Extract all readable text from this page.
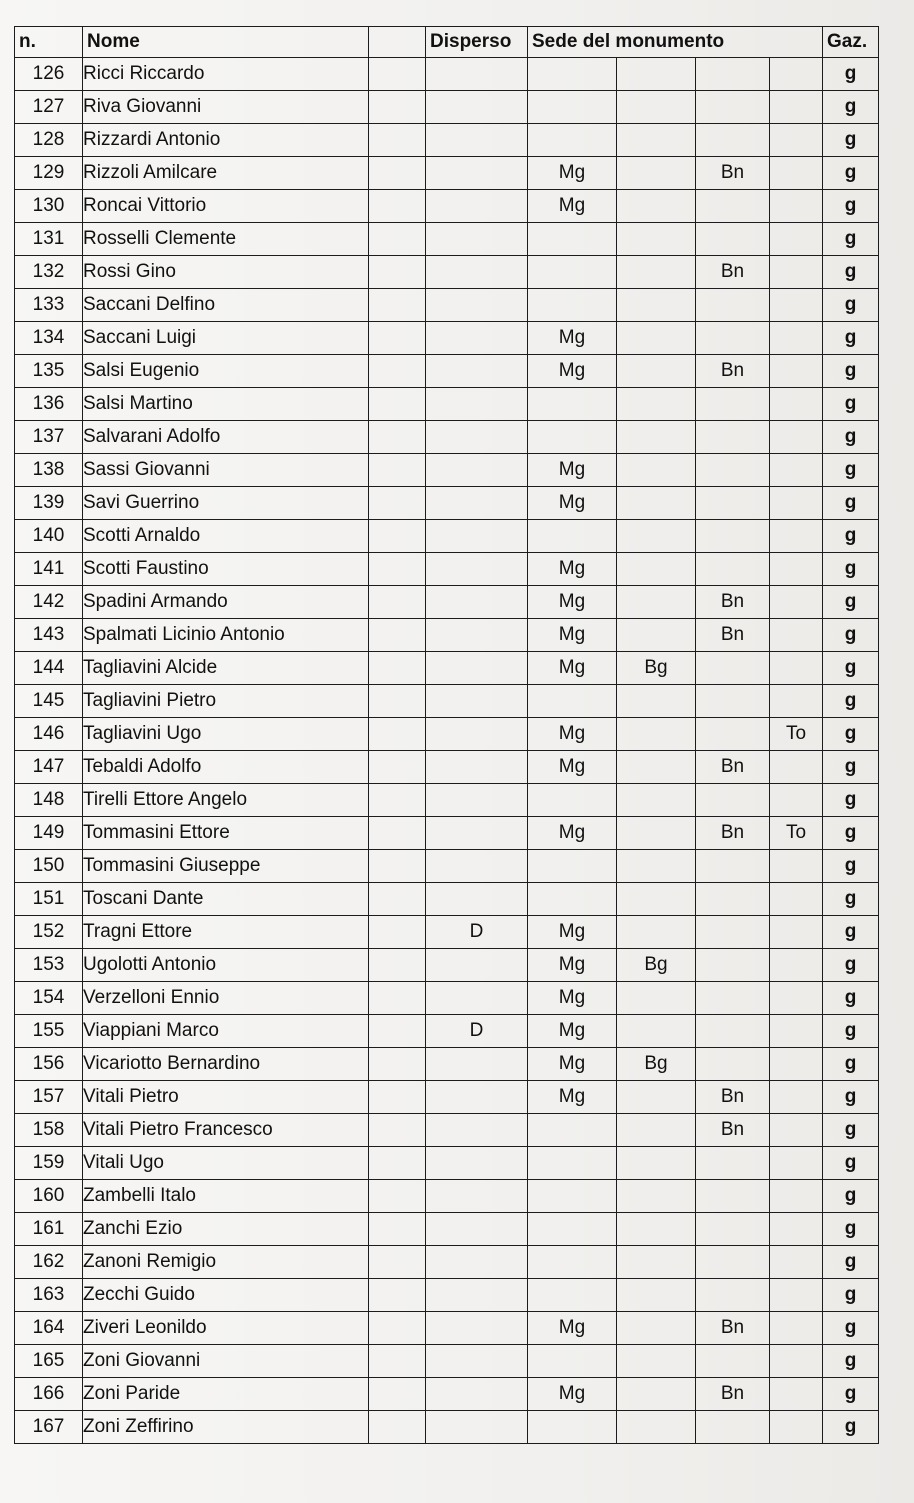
n.	Nome		Disperso	Sede del monumento				Gaz.
126	Ricci Riccardo							g
127	Riva Giovanni							g
128	Rizzardi Antonio							g
129	Rizzoli Amilcare			Mg		Bn		g
130	Roncai Vittorio			Mg				g
131	Rosselli Clemente							g
132	Rossi Gino					Bn		g
133	Saccani Delfino							g
134	Saccani Luigi			Mg				g
135	Salsi Eugenio			Mg		Bn		g
136	Salsi Martino							g
137	Salvarani Adolfo							g
138	Sassi Giovanni			Mg				g
139	Savi Guerrino			Mg				g
140	Scotti Arnaldo							g
141	Scotti Faustino			Mg				g
142	Spadini Armando			Mg		Bn		g
143	Spalmati Licinio Antonio			Mg		Bn		g
144	Tagliavini Alcide			Mg	Bg			g
145	Tagliavini Pietro							g
146	Tagliavini Ugo			Mg			To	g
147	Tebaldi Adolfo			Mg		Bn		g
148	Tirelli Ettore Angelo							g
149	Tommasini Ettore			Mg		Bn	To	g
150	Tommasini Giuseppe							g
151	Toscani Dante							g
152	Tragni Ettore		D	Mg				g
153	Ugolotti Antonio			Mg	Bg			g
154	Verzelloni Ennio			Mg				g
155	Viappiani Marco		D	Mg				g
156	Vicariotto Bernardino			Mg	Bg			g
157	Vitali Pietro			Mg		Bn		g
158	Vitali Pietro Francesco					Bn		g
159	Vitali Ugo							g
160	Zambelli Italo							g
161	Zanchi Ezio							g
162	Zanoni Remigio							g
163	Zecchi Guido							g
164	Ziveri Leonildo			Mg		Bn		g
165	Zoni Giovanni							g
166	Zoni Paride			Mg		Bn		g
167	Zoni Zeffirino							g
